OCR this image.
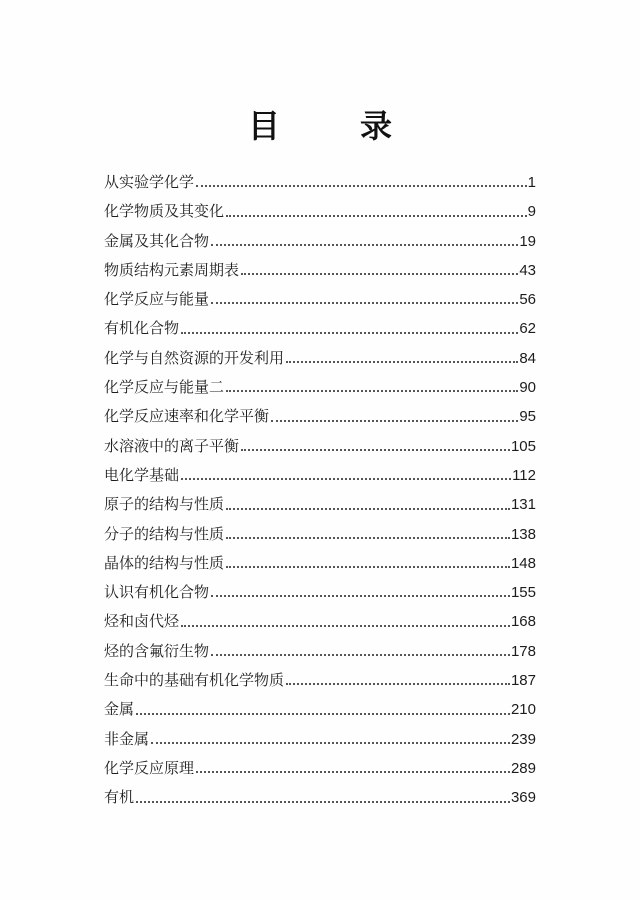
目　录
从实验学化学	1
化学物质及其变化	9
金属及其化合物	19
物质结构元素周期表	43
化学反应与能量	56
有机化合物	62
化学与自然资源的开发利用	84
化学反应与能量二	90
化学反应速率和化学平衡	95
水溶液中的离子平衡	105
电化学基础	112
原子的结构与性质	131
分子的结构与性质	138
晶体的结构与性质	148
认识有机化合物	155
烃和卤代烃	168
烃的含氟衍生物	178
生命中的基础有机化学物质	187
金属	210
非金属	239
化学反应原理	289
有机	369
